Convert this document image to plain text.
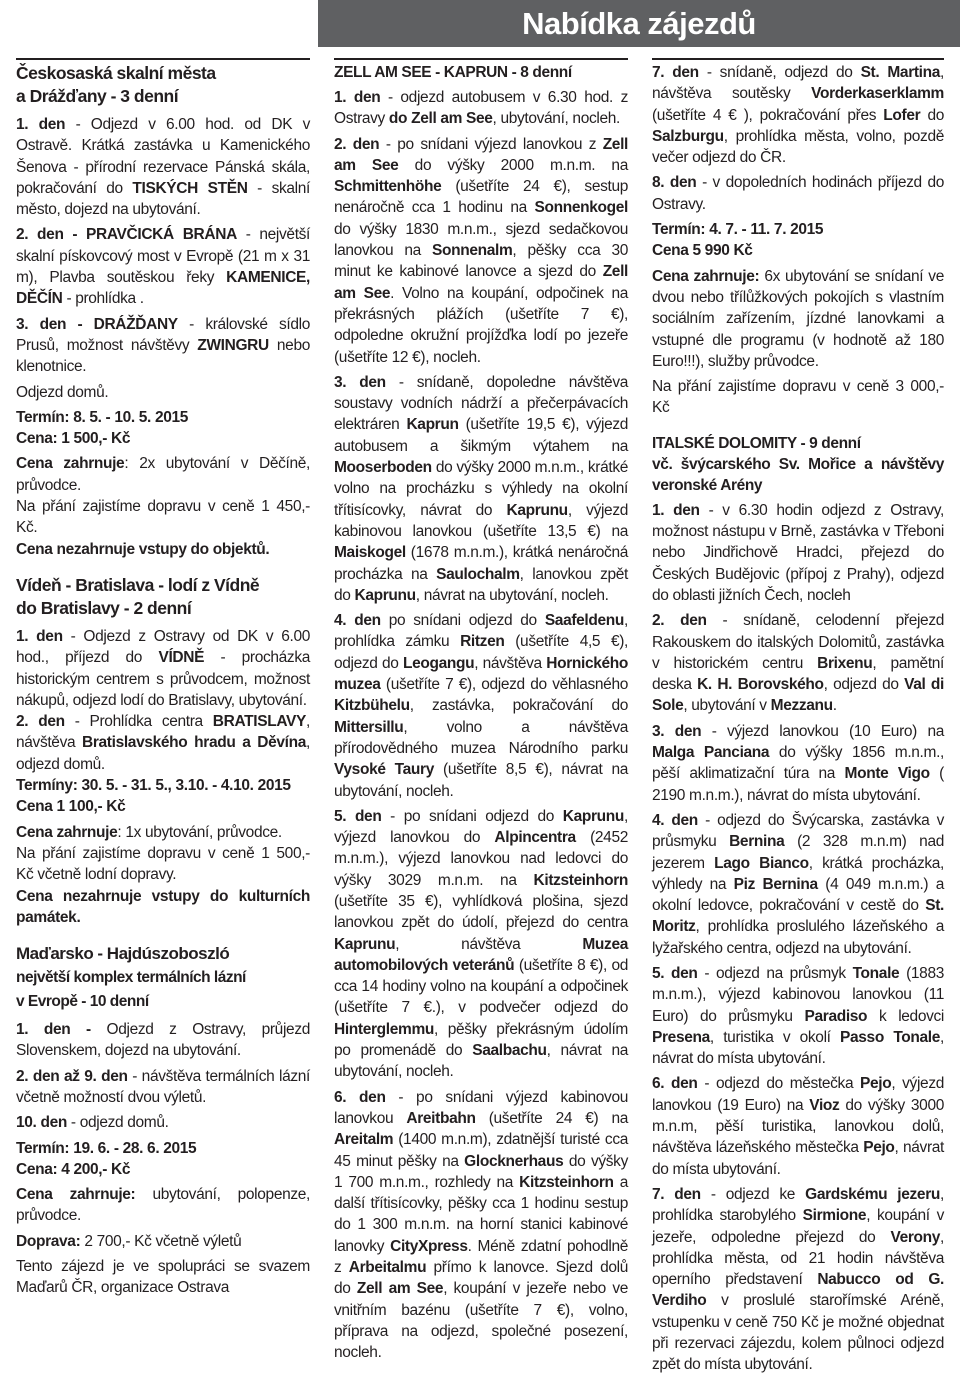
Nabídka zájezdů
Českosaská skalní města
a Drážďany - 3 denní

1. den - Odjezd v 6.00 hod. od DK v Ostravě. Krátká zastávka u Kamenického Šenova - přírodní rezervace Pánská skála, pokračování do TISKÝCH STĚN - skalní město, dojezd na ubytování.

2. den - PRAVČICKÁ BRÁNA - největší skalní pískovcový most v Evropě (21 m x 31 m), Plavba soutěskou řeky KAMENICE, DĚČÍN - prohlídka .

3. den - DRÁŽĎANY - královské sídlo Prusů, možnost návštěvy ZWINGRU nebo klenotnice.

Odjezd domů.

Termín: 8. 5. - 10. 5. 2015

Cena: 1 500,- Kč

Cena zahrnuje: 2x ubytování v Děčíně, průvodce.

Na přání zajistíme dopravu v ceně 1 450,- Kč.

Cena nezahrnuje vstupy do objektů.

Vídeň - Bratislava - lodí z Vídně
do Bratislavy - 2 denní

1. den - Odjezd z Ostravy od DK v 6.00 hod., příjezd do VÍDNĚ - procházka historickým centrem s průvodcem, možnost nákupů, odjezd lodí do Bratislavy, ubytování.

2. den - Prohlídka centra BRATISLAVY, návštěva Bratislavského hradu a Děvína, odjezd domů.

Termíny: 30. 5. - 31. 5., 3.10. - 4.10. 2015

Cena 1 100,- Kč

Cena zahrnuje: 1x ubytování, průvodce.

Na přání zajistíme dopravu v ceně 1 500,- Kč včetně lodní dopravy.

Cena nezahrnuje vstupy do kulturních památek.

Maďarsko - Hajdúszoboszló
největší komplex termálních lázní
v Evropě - 10 denní

1. den - Odjezd z Ostravy, průjezd Slovenskem, dojezd na ubytování.

2. den až 9. den - návštěva termálních lázní včetně možností dvou výletů.

10. den - odjezd domů.

Termín: 19. 6. - 28. 6. 2015

Cena: 4 200,- Kč

Cena zahrnuje: ubytování, polopenze, průvodce.

Doprava: 2 700,- Kč včetně výletů

Tento zájezd je ve spolupráci se svazem Maďarů ČR, organizace Ostrava

ZELL AM SEE - KAPRUN - 8 denní

1. den - odjezd autobusem v 6.30 hod. z Ostravy do Zell am See, ubytování, nocleh.

2. den - po snídani výjezd lanovkou z Zell am See do výšky 2000 m.n.m. na Schmittenhöhe (ušetříte 24 €), sestup nenáročně cca 1 hodinu na Sonnenkogel do výšky 1830 m.n.m., sjezd sedačkovou lanovkou na Sonnenalm, pěšky cca 30 minut ke kabinové lanovce a sjezd do Zell am See. Volno na koupání, odpočinek na překrásných plážích (ušetříte 7 €), odpoledne okružní projížďka lodí po jezeře (ušetříte 12 €), nocleh.

3. den - snídaně, dopoledne návštěva soustavy vodních nádrží a přečerpávacích elektráren Kaprun (ušetříte 19,5 €), výjezd autobusem a šikmým výtahem na Mooserboden do výšky 2000 m.n.m., krátké volno na procházku s výhledy na okolní třítisícovky, návrat do Kaprunu, výjezd kabinovou lanovkou (ušetříte 13,5 €) na Maiskogel (1678 m.n.m.), krátká nenáročná procházka na Saulochalm, lanovkou zpět do Kaprunu, návrat na ubytování, nocleh.

4. den po snídani odjezd do Saafeldenu, prohlídka zámku Ritzen (ušetříte 4,5 €), odjezd do Leogangu, návštěva Hornického muzea (ušetříte 7 €), odjezd do věhlasného Kitzbühelu, zastávka, pokračování do Mittersillu, volno a návštěva přírodovědného muzea Národního parku Vysoké Taury (ušetříte 8,5 €), návrat na ubytování, nocleh.

5. den - po snídani odjezd do Kaprunu, výjezd lanovkou do Alpincentra (2452 m.n.m.), výjezd lanovkou nad ledovci do výšky 3029 m.n.m. na Kitzsteinhorn (ušetříte 35 €), vyhlídková plošina, sjezd lanovkou zpět do údolí, přejezd do centra Kaprunu, návštěva Muzea automobilových veteránů (ušetříte 8 €), od cca 14 hodiny volno na koupání a odpočinek (ušetříte 7 €.), v podvečer odjezd do Hinterglemmu, pěšky překrásným údolím po promenádě do Saalbachu, návrat na ubytování, nocleh.

6. den - po snídani výjezd kabinovou lanovkou Areitbahn (ušetříte 24 €) na Areitalm (1400 m.n.m), zdatnější turisté cca 45 minut pěšky na Glocknerhaus do výšky 1 700 m.n.m., rozhledy na Kitzsteinhorn a další třítisícovky, pěšky cca 1 hodinu sestup do 1 300 m.n.m. na horní stanici kabinové lanovky CityXpress. Méně zdatní pohodlně z Arbeitalmu přímo k lanovce. Sjezd dolů do Zell am See, koupání v jezeře nebo ve vnitřním bazénu (ušetříte 7 €), volno, příprava na odjezd, společné posezení, nocleh.

7. den - snídaně, odjezd do St. Martina, návštěva soutěsky Vorderkaserklamm (ušetříte 4 € ), pokračování přes Lofer do Salzburgu, prohlídka města, volno, pozdě večer odjezd do ČR.

8. den - v dopoledních hodinách příjezd do Ostravy.

Termín: 4. 7. - 11. 7. 2015

Cena 5 990 Kč

Cena zahrnuje: 6x ubytování se snídaní ve dvou nebo třílůžkových pokojích s vlastním sociálním zařízením, jízdné lanovkami a vstupné dle programu (v hodnotě až 180 Euro!!!), služby průvodce.

Na přání zajistíme dopravu v ceně 3 000,- Kč

ITALSKÉ DOLOMITY - 9 denní
vč. švýcarského Sv. Mořice a návštěvy veronské Arény

1. den - v 6.30 hodin odjezd z Ostravy, možnost nástupu v Brně, zastávka v Třeboni nebo Jindřichově Hradci, přejezd do Českých Budějovic (přípoj z Prahy), odjezd do oblasti jižních Čech, nocleh

2. den - snídaně, celodenní přejezd Rakouskem do italských Dolomitů, zastávka v historickém centru Brixenu, pamětní deska K. H. Borovského, odjezd do Val di Sole, ubytování v Mezzanu.

3. den - výjezd lanovkou (10 Euro) na Malga Panciana do výšky 1856 m.n.m., pěší aklimatizační túra na Monte Vigo ( 2190 m.n.m.), návrat do místa ubytování.

4. den - odjezd do Švýcarska, zastávka v průsmyku Bernina (2 328 m.n.m) nad jezerem Lago Bianco, krátká procházka, výhledy na Piz Bernina (4 049 m.n.m.) a okolní ledovce, pokračování v cestě do St. Moritz, prohlídka proslulého lázeňského a lyžařského centra, odjezd na ubytování.

5. den - odjezd na průsmyk Tonale (1883 m.n.m.), výjezd kabinovou lanovkou (11 Euro) do průsmyku Paradiso k ledovci Presena, turistika v okolí Passo Tonale, návrat do místa ubytování.

6. den - odjezd do městečka Pejo, výjezd lanovkou (19 Euro) na Vioz do výšky 3000 m.n.m, pěší turistika, lanovkou dolů, návštěva lázeňského městečka Pejo, návrat do místa ubytování.

7. den - odjezd ke Gardskému jezeru, prohlídka starobylého Sirmione, koupání v jezeře, odpoledne přejezd do Verony, prohlídka města, od 21 hodin návštěva operního představení Nabucco od G. Verdiho v proslulé starořímské Aréně, vstupenku v ceně 750 Kč je možné objednat při rezervaci zájezdu, kolem půlnoci odjezd zpět do místa ubytování.
